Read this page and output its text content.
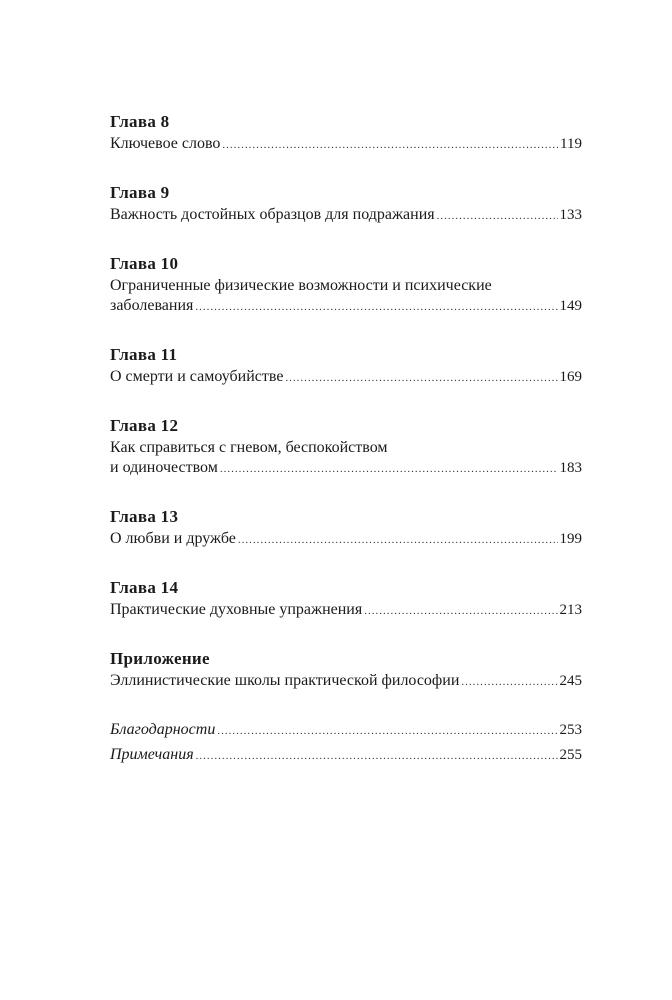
Глава 8
Ключевое слово .....	119
Глава 9
Важность достойных образцов для подражания .....	133
Глава 10
Ограниченные физические возможности и психические
заболевания .....	149
Глава 11
О смерти и самоубийстве .....	169
Глава 12
Как справиться с гневом, беспокойством
и одиночеством .....	183
Глава 13
О любви и дружбе .....	199
Глава 14
Практические духовные упражнения .....	213
Приложение
Эллинистические школы практической философии .....	245
Благодарности .....	253
Примечания .....	255
